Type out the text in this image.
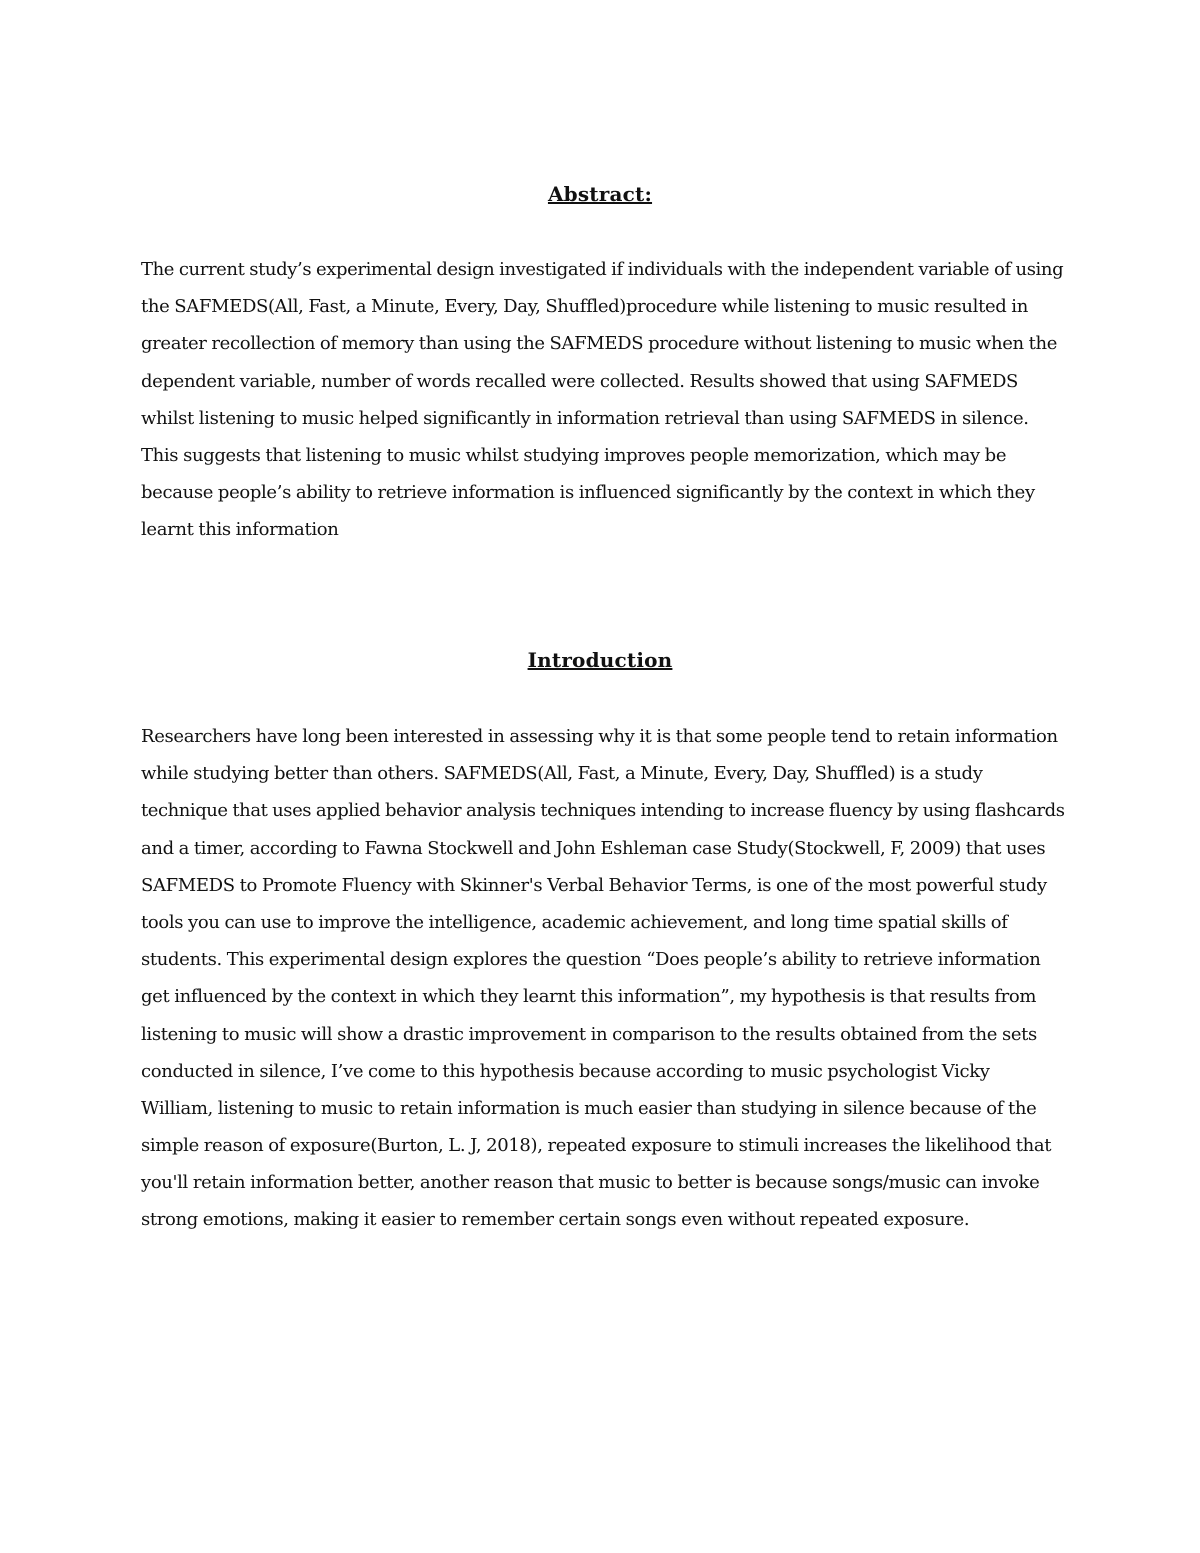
Abstract:
The current study’s experimental design investigated if individuals with the independent variable of using
the SAFMEDS(All, Fast, a Minute, Every, Day, Shuffled)procedure while listening to music resulted in
greater recollection of memory than using the SAFMEDS procedure without listening to music when the
dependent variable, number of words recalled were collected. Results showed that using SAFMEDS
whilst listening to music helped significantly in information retrieval than using SAFMEDS in silence.
This suggests that listening to music whilst studying improves people memorization, which may be
because people’s ability to retrieve information is influenced significantly by the context in which they
learnt this information
Introduction
Researchers have long been interested in assessing why it is that some people tend to retain information
while studying better than others. SAFMEDS(All, Fast, a Minute, Every, Day, Shuffled) is a study
technique that uses applied behavior analysis techniques intending to increase fluency by using flashcards
and a timer, according to Fawna Stockwell and John Eshleman case Study(Stockwell, F, 2009) that uses
SAFMEDS to Promote Fluency with Skinner's Verbal Behavior Terms, is one of the most powerful study
tools you can use to improve the intelligence, academic achievement, and long time spatial skills of
students. This experimental design explores the question “Does people’s ability to retrieve information
get influenced by the context in which they learnt this information”, my hypothesis is that results from
listening to music will show a drastic improvement in comparison to the results obtained from the sets
conducted in silence, I’ve come to this hypothesis because according to music psychologist Vicky
William, listening to music to retain information is much easier than studying in silence because of the
simple reason of exposure(Burton, L. J, 2018), repeated exposure to stimuli increases the likelihood that
you'll retain information better, another reason that music to better is because songs/music can invoke
strong emotions, making it easier to remember certain songs even without repeated exposure.
